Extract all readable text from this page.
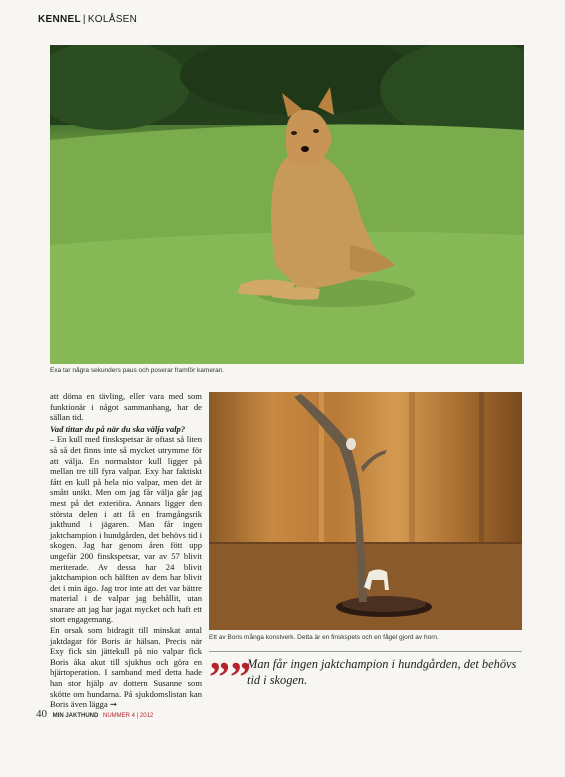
KENNEL | KOLÅSEN
Exa tar några sekunders paus och poserar framför kameran.

att döma en tävling, eller vara med som funktionär i något sammanhang, har de sällan tid.

Vad tittar du på när du ska välja valp?

– En kull med finskspetsar är oftast så liten så så det finns inte så mycket utrymme för att välja. En normalstor kull ligger på mellan tre till fyra valpar. Exy har faktiskt fått en kull på hela nio valpar, men det är smått unikt. Men om jag får välja går jag mest på det exteriöra. Annars ligger den största delen i att få en framgångsrik jakthund i jägaren. Man får ingen jaktchampion i hundgården, det behövs tid i skogen. Jag har genom åren fött upp ungefär 200 finskspetsar, var av 57 blivit meriterade. Av dessa har 24 blivit jaktchampion och hälften av dem har blivit det i min ägo. Jag tror inte att det var bättre material i de valpar jag behållit, utan snarare att jag har jagat mycket och haft ett stort engagemang.

En orsak som bidragit till minskat antal jaktdagar för Boris är hälsan. Precis när Exy fick sin jättekull på nio valpar fick Boris åka akut till sjukhus och göra en hjärtoperation. I samband med detta hade han stor hjälp av dottern Susanne som skötte om hundarna. På sjukdomslistan kan Boris även lägga ➞

Ett av Boris många konstverk. Detta är en finskspets och en fågel gjord av horn.
””
Man får ingen jaktchampion i hundgården, det behövs tid i skogen.
40 MIN JAKTHUND NUMMER 4 | 2012
